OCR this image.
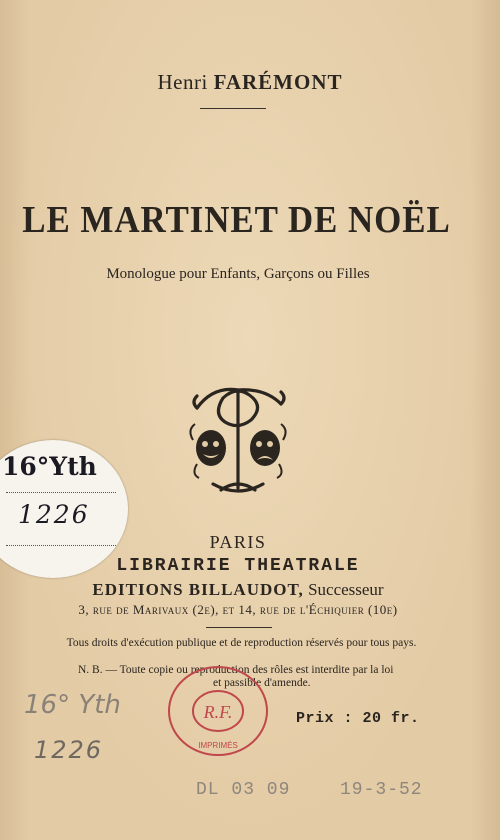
Henri FARÉMONT
LE MARTINET DE NOËL
Monologue pour Enfants, Garçons ou Filles
16°Yth
1226
PARIS
LIBRAIRIE THEATRALE
EDITIONS BILLAUDOT, Successeur
3, rue de Marivaux (2e), et 14, rue de l'Échiquier (10e)
Tous droits d'exécution publique et de reproduction réservés pour tous pays.
N. B. — Toute copie ou reproduction des rôles est interdite par la loi
et passible d'amende.
16° Yth
1226
R.F.
IMPRIMÉS
Prix : 20 fr.
DL 03 09	19-3-52
